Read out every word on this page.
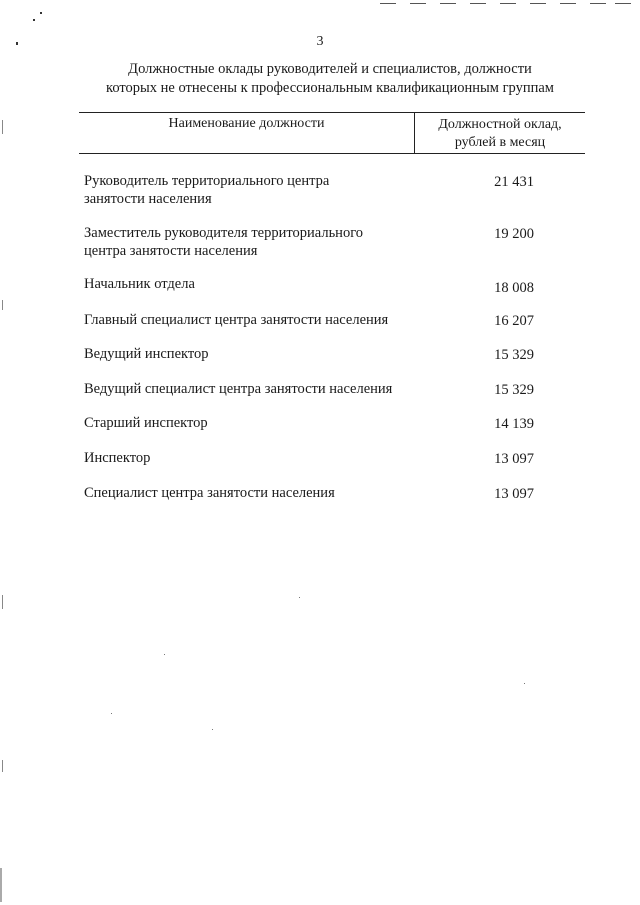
3
Должностные оклады руководителей и специалистов, должности
которых не отнесены к профессиональным квалификационным группам
Наименование должности	Должностной оклад,
рублей в месяц
Руководитель территориального центра
занятости населения
21 431
Заместитель руководителя территориального
центра занятости населения
19 200
Начальник отдела	18 008
Главный специалист центра занятости населения	16 207
Ведущий инспектор	15 329
Ведущий специалист центра занятости населения	15 329
Старший инспектор	14 139
Инспектор	13 097
Специалист центра занятости населения	13 097
